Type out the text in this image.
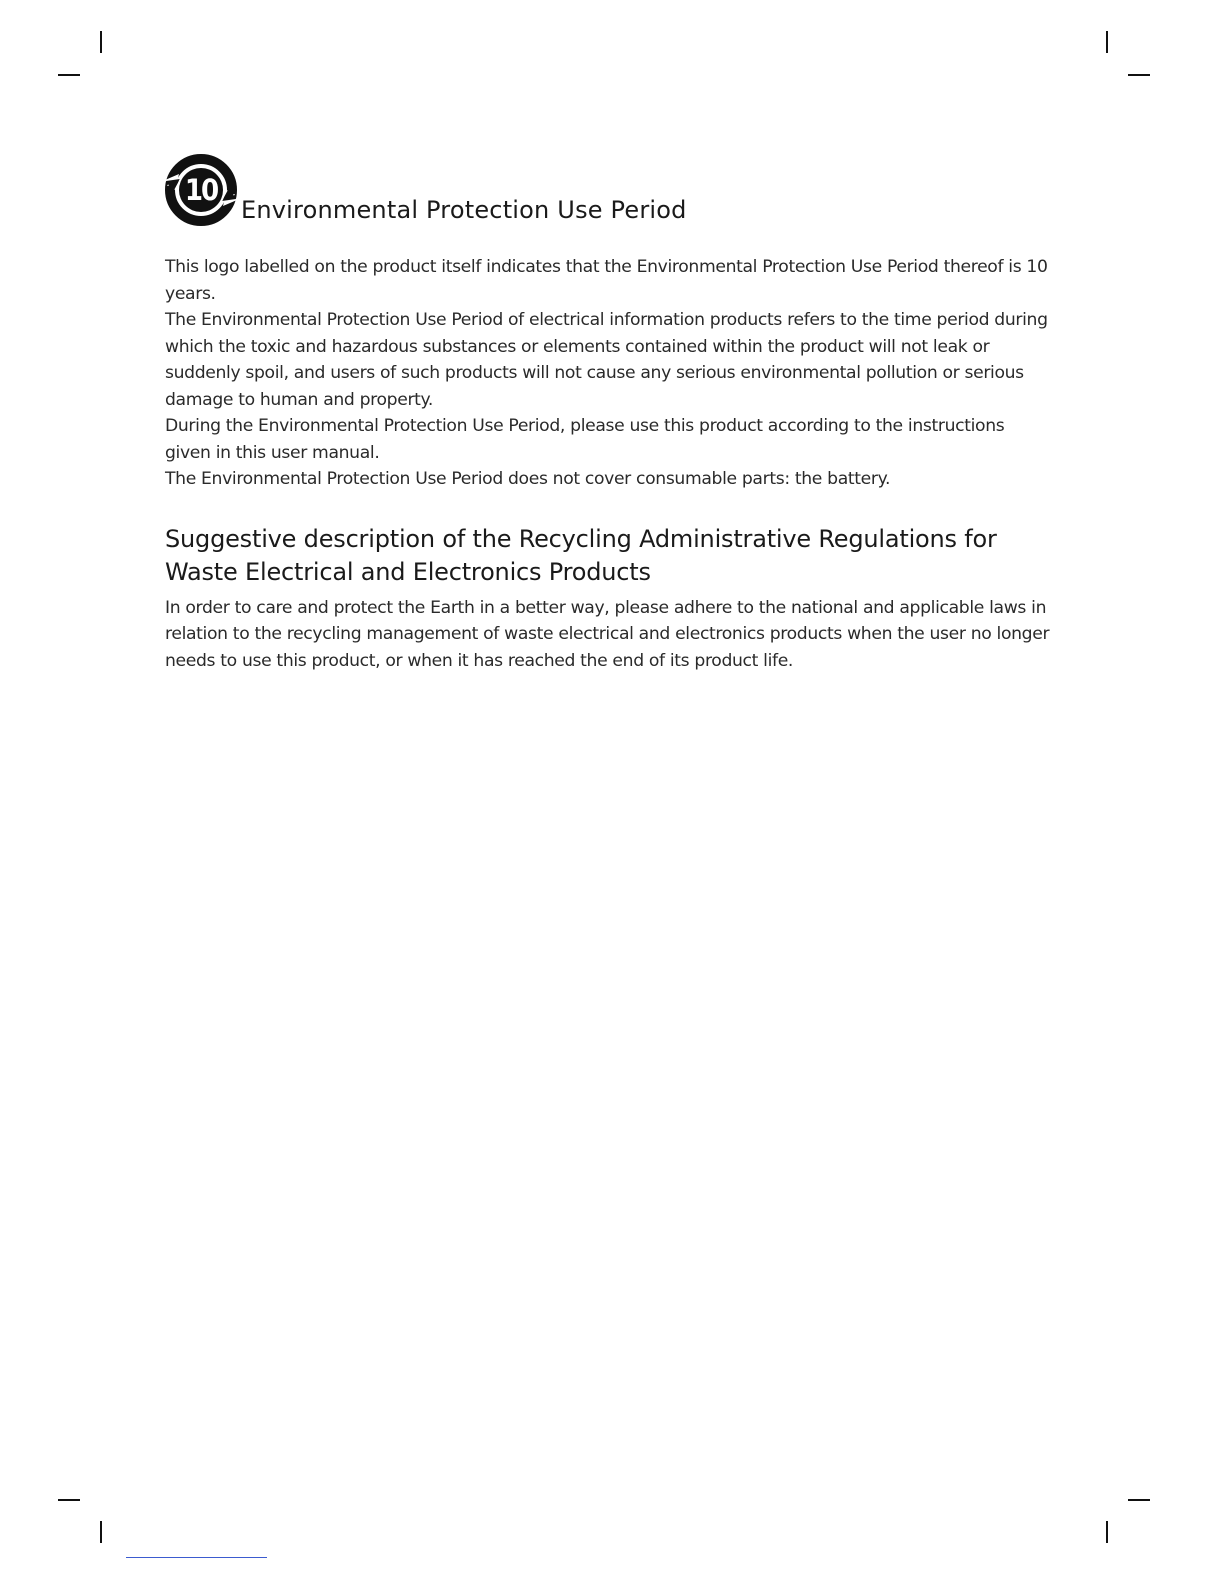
10
Environmental Protection Use Period

This logo labelled on the product itself indicates that the Environmental Protection Use Period thereof is 10 years.

The Environmental Protection Use Period of electrical information products refers to the time period during which the toxic and hazardous substances or elements contained within the product will not leak or suddenly spoil, and users of such products will not cause any serious environmental pollution or serious damage to human and property.

During the Environmental Protection Use Period, please use this product according to the instructions given in this user manual.

The Environmental Protection Use Period does not cover consumable parts: the battery.

Suggestive description of the Recycling Administrative Regulations for Waste Electrical and Electronics Products

In order to care and protect the Earth in a better way, please adhere to the national and applicable laws in relation to the recycling management of waste electrical and electronics products when the user no longer needs to use this product, or when it has reached the end of its product life.
